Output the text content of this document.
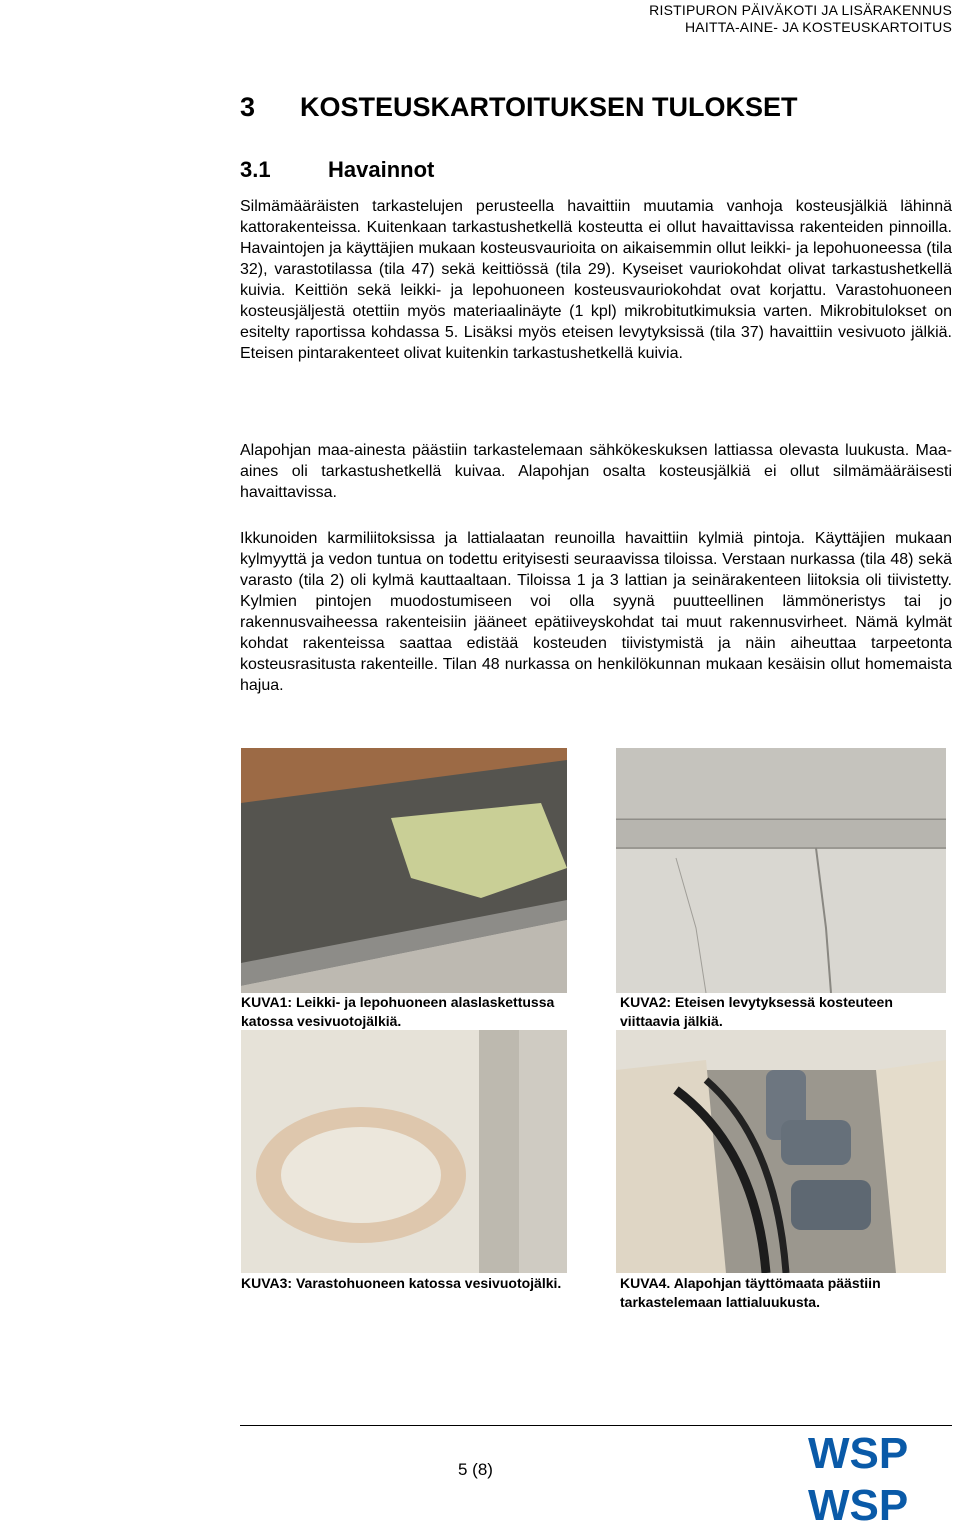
RISTIPURON PÄIVÄKOTI JA LISÄRAKENNUS
HAITTA-AINE- JA KOSTEUSKARTOITUS
3 KOSTEUSKARTOITUKSEN TULOKSET
3.1	Havainnot

Silmämääräisten tarkastelujen perusteella havaittiin muutamia vanhoja kosteusjälkiä lähinnä kattorakenteissa. Kuitenkaan tarkastushetkellä kosteutta ei ollut havaittavissa rakenteiden pinnoilla. Havaintojen ja käyttäjien mukaan kosteusvaurioita on aikaisemmin ollut leikki- ja lepohuoneessa (tila 32), varastotilassa (tila 47) sekä keittiössä (tila 29). Kyseiset vauriokohdat olivat tarkastushetkellä kuivia. Keittiön sekä leikki- ja lepohuoneen kosteusvauriokohdat ovat korjattu. Varastohuoneen kosteusjäljestä otettiin myös materiaalinäyte (1 kpl) mikrobitutkimuksia varten. Mikrobitulokset on esitelty raportissa kohdassa 5. Lisäksi myös eteisen levytyksissä (tila 37) havaittiin vesivuoto jälkiä. Eteisen pintarakenteet olivat kuitenkin tarkastushetkellä kuivia.

Alapohjan maa-ainesta päästiin tarkastelemaan sähkökeskuksen lattiassa olevasta luukusta. Maa-aines oli tarkastushetkellä kuivaa. Alapohjan osalta kosteusjälkiä ei ollut silmämääräisesti havaittavissa.

Ikkunoiden karmiliitoksissa ja lattialaatan reunoilla havaittiin kylmiä pintoja. Käyttäjien mukaan kylmyyttä ja vedon tuntua on todettu erityisesti seuraavissa tiloissa. Verstaan nurkassa (tila 48) sekä varasto (tila 2) oli kylmä kauttaaltaan. Tiloissa 1 ja 3 lattian ja seinärakenteen liitoksia oli tiivistetty. Kylmien pintojen muodostumiseen voi olla syynä puutteellinen lämmöneristys tai jo rakennusvaiheessa rakenteisiin jääneet epätiiveyskohdat tai muut rakennusvirheet. Nämä kylmät kohdat rakenteissa saattaa edistää kosteuden tiivistymistä ja näin aiheuttaa tarpeetonta kosteusrasitusta rakenteille. Tilan 48 nurkassa on henkilökunnan mukaan kesäisin ollut homemaista hajua.

KUVA1: Leikki- ja lepohuoneen alaslaskettussa katossa vesivuotojälkiä.
KUVA2: Eteisen levytyksessä kosteuteen viittaavia jälkiä.
KUVA3: Varastohuoneen katossa vesivuotojälki.	KUVA4. Alapohjan täyttömaata päästiin tarkastelemaan lattialuukusta.
5 (8)	WSP
WSP
